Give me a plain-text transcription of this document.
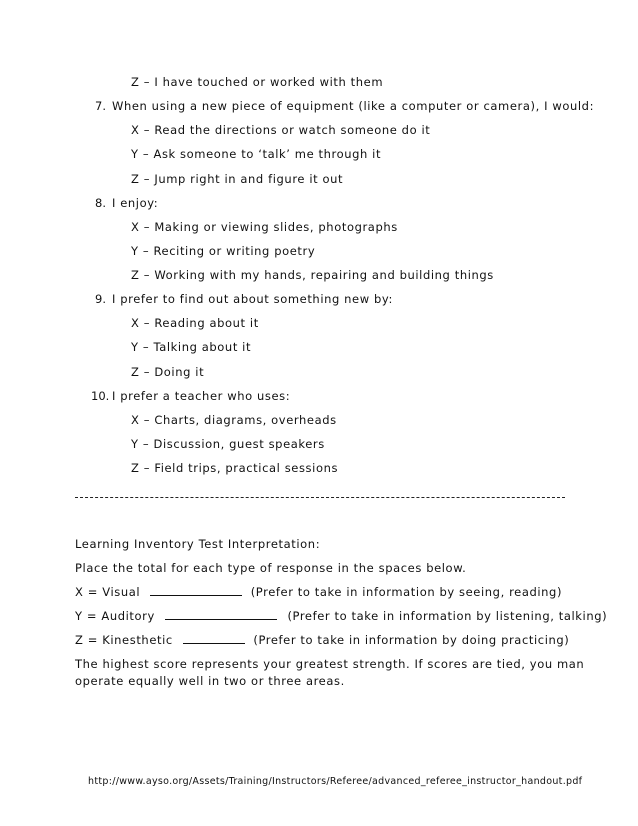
Z – I have touched or worked with them
7. When using a new piece of equipment (like a computer or camera), I would:
X – Read the directions or watch someone do it
Y – Ask someone to ‘talk’ me through it
Z – Jump right in and figure it out
8. I enjoy:
X – Making or viewing slides, photographs
Y – Reciting or writing poetry
Z – Working with my hands, repairing and building things
9. I prefer to find out about something new by:
X – Reading about it
Y – Talking about it
Z – Doing it
10. I prefer a teacher who uses:
X – Charts, diagrams, overheads
Y – Discussion, guest speakers
Z – Field trips, practical sessions
Learning Inventory Test Interpretation:
Place the total for each type of response in the spaces below.
X = Visual	(Prefer to take in information by seeing, reading)
Y = Auditory	(Prefer to take in information by listening, talking)
Z = Kinesthetic	(Prefer to take in information by doing practicing)
The highest score represents your greatest strength. If scores are tied, you man
operate equally well in two or three areas.
http://www.ayso.org/Assets/Training/Instructors/Referee/advanced_referee_instructor_handout.pdf
